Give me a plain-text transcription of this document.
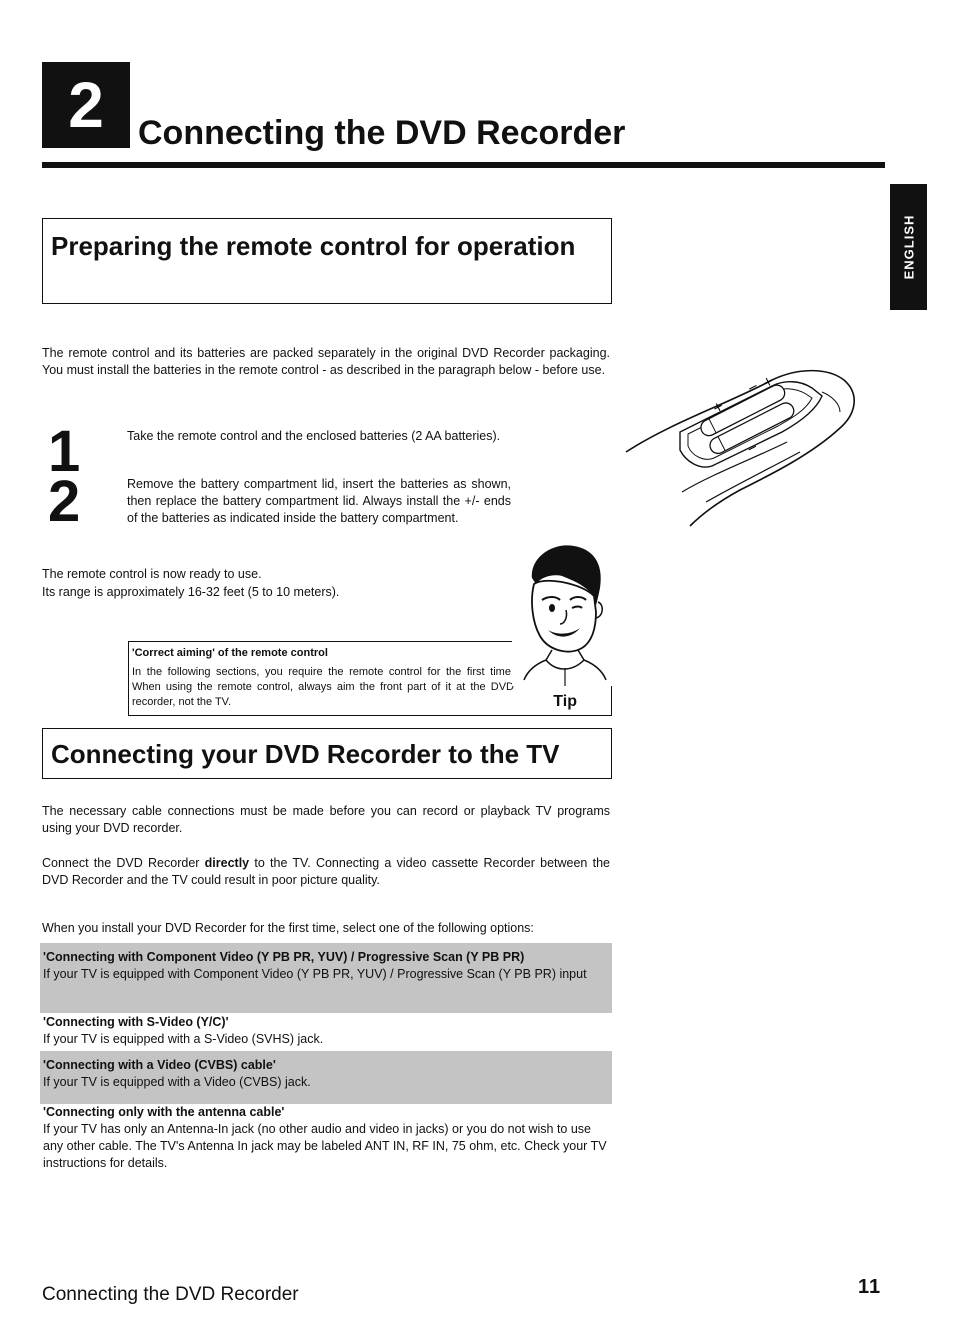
2	Connecting the DVD Recorder
ENGLISH
Preparing the remote control for operation

The remote control and its batteries are packed separately in the original DVD Recorder packaging. You must install the batteries in the remote control - as described in the paragraph below - before use.

−
+
+
−
1	Take the remote control and the enclosed batteries (2 AA batteries).

2	Remove the battery compartment lid, insert the batteries as shown, then replace the battery compartment lid. Always install the +/- ends of the batteries as indicated inside the battery compartment.

The remote control is now ready to use.

Its range is approximately 16-32 feet (5 to 10 meters).

'Correct aiming' of the remote control
In the following sections, you require the remote control for the first time. When using the remote control, always aim the front part of it at the DVD recorder, not the TV.	Tip
Connecting your DVD Recorder to the TV

The necessary cable connections must be made before you can record or playback TV programs using your DVD recorder.

Connect the DVD Recorder directly to the TV. Connecting a video cassette Recorder between the DVD Recorder and the TV could result in poor picture quality.

When you install your DVD Recorder for the first time, select one of the following options:

'Connecting with Component Video (Y PB PR, YUV) / Progressive Scan (Y PB PR)
If your TV is equipped with Component Video (Y PB PR, YUV) / Progressive Scan (Y PB PR) input
'Connecting with S-Video (Y/C)'
If your TV is equipped with a S-Video (SVHS) jack.
'Connecting with a Video (CVBS) cable'
If your TV is equipped with a Video (CVBS) jack.
'Connecting only with the antenna cable'
If your TV has only an Antenna-In jack (no other audio and video in jacks) or you do not wish to use any other cable. The TV's Antenna In jack may be labeled ANT IN, RF IN, 75 ohm, etc. Check your TV instructions for details.
Connecting the DVD Recorder	11
